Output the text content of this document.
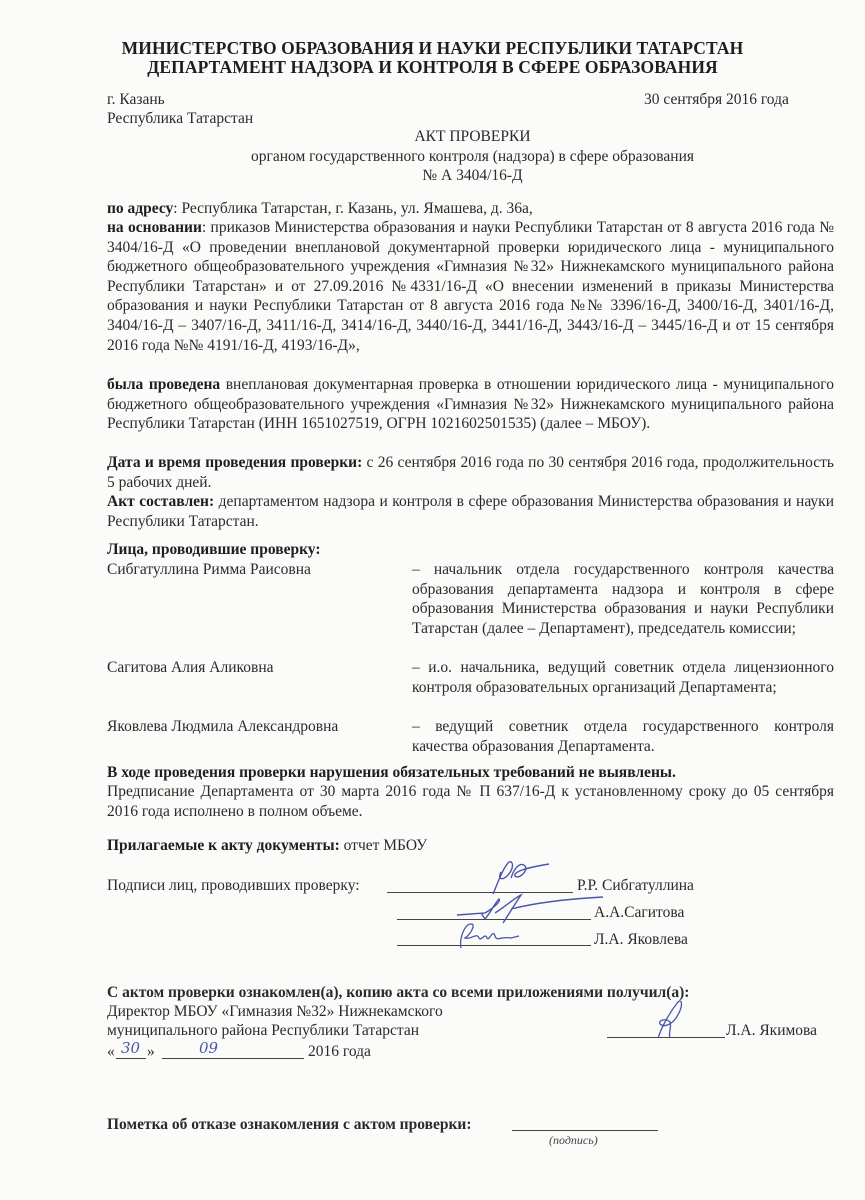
МИНИСТЕРСТВО ОБРАЗОВАНИЯ И НАУКИ РЕСПУБЛИКИ ТАТАРСТАН
ДЕПАРТАМЕНТ НАДЗОРА И КОНТРОЛЯ В СФЕРЕ ОБРАЗОВАНИЯ
г. Казань
Республика Татарстан
30 сентября 2016 года
АКТ ПРОВЕРКИ
органом государственного контроля (надзора) в сфере образования
№ А 3404/16-Д
по адресу: Республика Татарстан, г. Казань, ул. Ямашева, д. 36а,
на основании: приказов Министерства образования и науки Республики Татарстан от 8 августа 2016 года № 3404/16-Д «О проведении внеплановой документарной проверки юридического лица - муниципального бюджетного общеобразовательного учреждения «Гимназия №32» Нижнекамского муниципального района Республики Татарстан» и от 27.09.2016 №4331/16-Д «О внесении изменений в приказы Министерства образования и науки Республики Татарстан от 8 августа 2016 года №№ 3396/16-Д, 3400/16-Д, 3401/16-Д, 3404/16-Д – 3407/16-Д, 3411/16-Д, 3414/16-Д, 3440/16-Д, 3441/16-Д, 3443/16-Д – 3445/16-Д и от 15 сентября 2016 года №№ 4191/16-Д, 4193/16-Д»,
была проведена внеплановая документарная проверка в отношении юридического лица - муниципального бюджетного общеобразовательного учреждения «Гимназия №32» Нижнекамского муниципального района Республики Татарстан (ИНН 1651027519, ОГРН 1021602501535) (далее – МБОУ).
Дата и время проведения проверки: с 26 сентября 2016 года по 30 сентября 2016 года, продолжительность 5 рабочих дней.
Акт составлен: департаментом надзора и контроля в сфере образования Министерства образования и науки Республики Татарстан.
Лица, проводившие проверку:
Сибгатуллина Римма Раисовна	– начальник отдела государственного контроля качества образования департамента надзора и контроля в сфере образования Министерства образования и науки Республики Татарстан (далее – Департамент), председатель комиссии;
Сагитова Алия Аликовна	– и.о. начальника, ведущий советник отдела лицензионного контроля образовательных организаций Департамента;
Яковлева Людмила Александровна	– ведущий советник отдела государственного контроля качества образования Департамента.
В ходе проведения проверки нарушения обязательных требований не выявлены.
Предписание Департамента от 30 марта 2016 года № П 637/16-Д к установленному сроку до 05 сентября 2016 года исполнено в полном объеме.
Прилагаемые к акту документы: отчет МБОУ
Подписи лиц, проводивших проверку:	Р.Р. Сибгатуллина
А.А.Сагитова
Л.А. Яковлева
С актом проверки ознакомлен(а), копию акта со всеми приложениями получил(а):
Директор МБОУ «Гимназия №32» Нижнекамского
муниципального района Республики Татарстан	Л.А. Якимова
« 30 »	09	2016 года
Пометка об отказе ознакомления с актом проверки:
(подпись)
